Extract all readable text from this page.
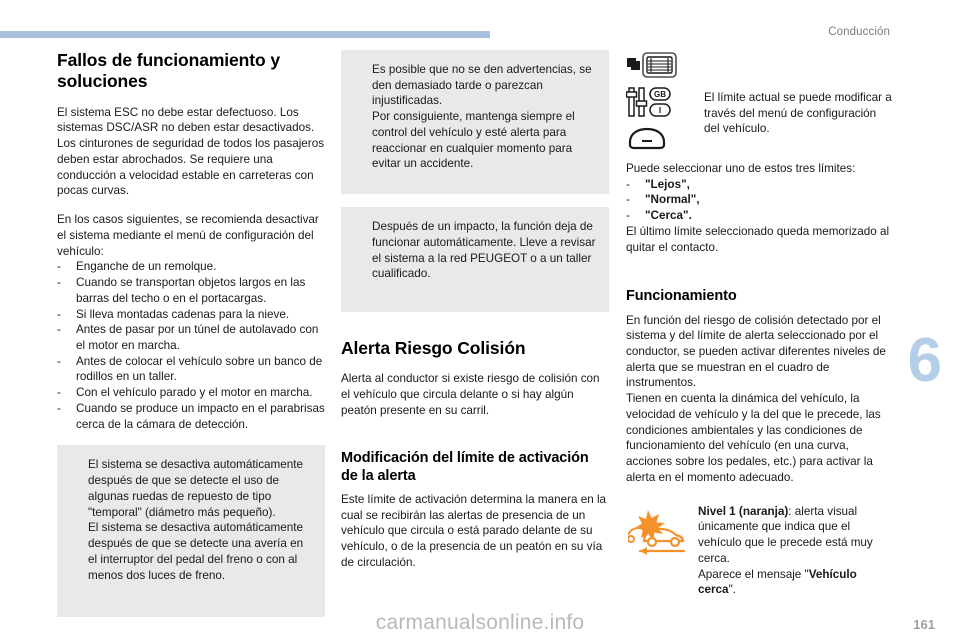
Conducción
6
Fallos de funcionamiento y soluciones

El sistema ESC no debe estar defectuoso. Los sistemas DSC/ASR no deben estar desactivados. Los cinturones de seguridad de todos los pasajeros deben estar abrochados. Se requiere una conducción a velocidad estable en carreteras con pocas curvas.

En los casos siguientes, se recomienda desactivar el sistema mediante el menú de configuración del vehículo:

- Enganche de un remolque.
- Cuando se transportan objetos largos en las barras del techo o en el portacargas.
- Si lleva montadas cadenas para la nieve.
- Antes de pasar por un túnel de autolavado con el motor en marcha.
- Antes de colocar el vehículo sobre un banco de rodillos en un taller.
- Con el vehículo parado y el motor en marcha.
- Cuando se produce un impacto en el parabrisas cerca de la cámara de detección.
El sistema se desactiva automáticamente después de que se detecte el uso de algunas ruedas de repuesto de tipo "temporal" (diámetro más pequeño).
El sistema se desactiva automáticamente después de que se detecte una avería en el interruptor del pedal del freno o con al menos dos luces de freno.
Es posible que no se den advertencias, se den demasiado tarde o parezcan injustificadas.
Por consiguiente, mantenga siempre el control del vehículo y esté alerta para reaccionar en cualquier momento para evitar un accidente.
Después de un impacto, la función deja de funcionar automáticamente. Lleve a revisar el sistema a la red PEUGEOT o a un taller cualificado.
Alerta Riesgo Colisión

Alerta al conductor si existe riesgo de colisión con el vehículo que circula delante o si hay algún peatón presente en su carril.

Modificación del límite de activación de la alerta

Este límite de activación determina la manera en la cual se recibirán las alertas de presencia de un vehículo que circula o está parado delante de su vehículo, o de la presencia de un peatón en su vía de circulación.

GB
I
El límite actual se puede modificar a través del menú de configuración del vehículo.

Puede seleccionar uno de estos tres límites:

- "Lejos",
- "Normal",
- "Cerca".

El último límite seleccionado queda memorizado al quitar el contacto.

Funcionamiento

En función del riesgo de colisión detectado por el sistema y del límite de alerta seleccionado por el conductor, se pueden activar diferentes niveles de alerta que se muestran en el cuadro de instrumentos.
Tienen en cuenta la dinámica del vehículo, la velocidad de vehículo y la del que le precede, las condiciones ambientales y las condiciones de funcionamiento del vehículo (en una curva, acciones sobre los pedales, etc.) para activar la alerta en el momento adecuado.

Nivel 1 (naranja): alerta visual únicamente que indica que el vehículo que le precede está muy cerca.
Aparece el mensaje "Vehículo cerca".
161
carmanualsonline.info
